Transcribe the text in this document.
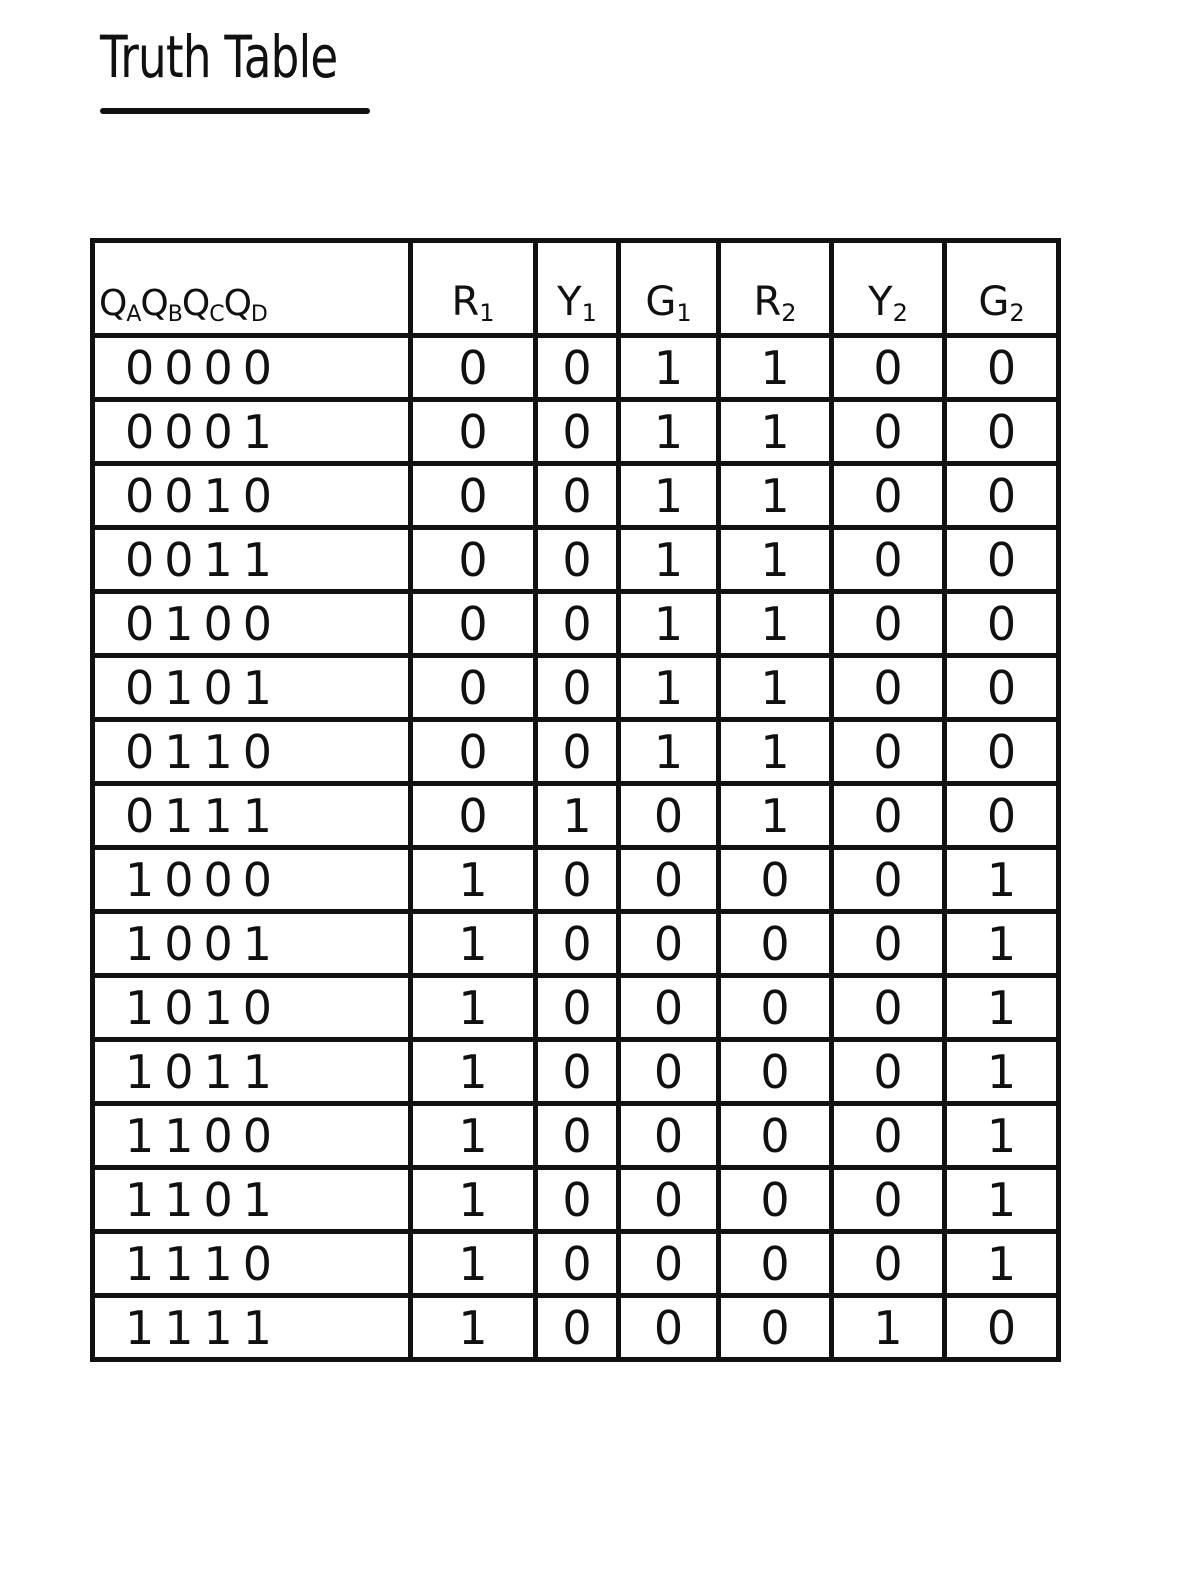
Truth Table
$Q_AQ_BQ_CQ_D$	$R_1$	$Y_1$	$G_1$	$R_2$	$Y_2$	$G_2$
0000	0	0	1	1	0	0
0001	0	0	1	1	0	0
0010	0	0	1	1	0	0
0011	0	0	1	1	0	0
0100	0	0	1	1	0	0
0101	0	0	1	1	0	0
0110	0	0	1	1	0	0
0111	0	1	0	1	0	0
1000	1	0	0	0	0	1
1001	1	0	0	0	0	1
1010	1	0	0	0	0	1
1011	1	0	0	0	0	1
1100	1	0	0	0	0	1
1101	1	0	0	0	0	1
1110	1	0	0	0	0	1
1111	1	0	0	0	1	0
